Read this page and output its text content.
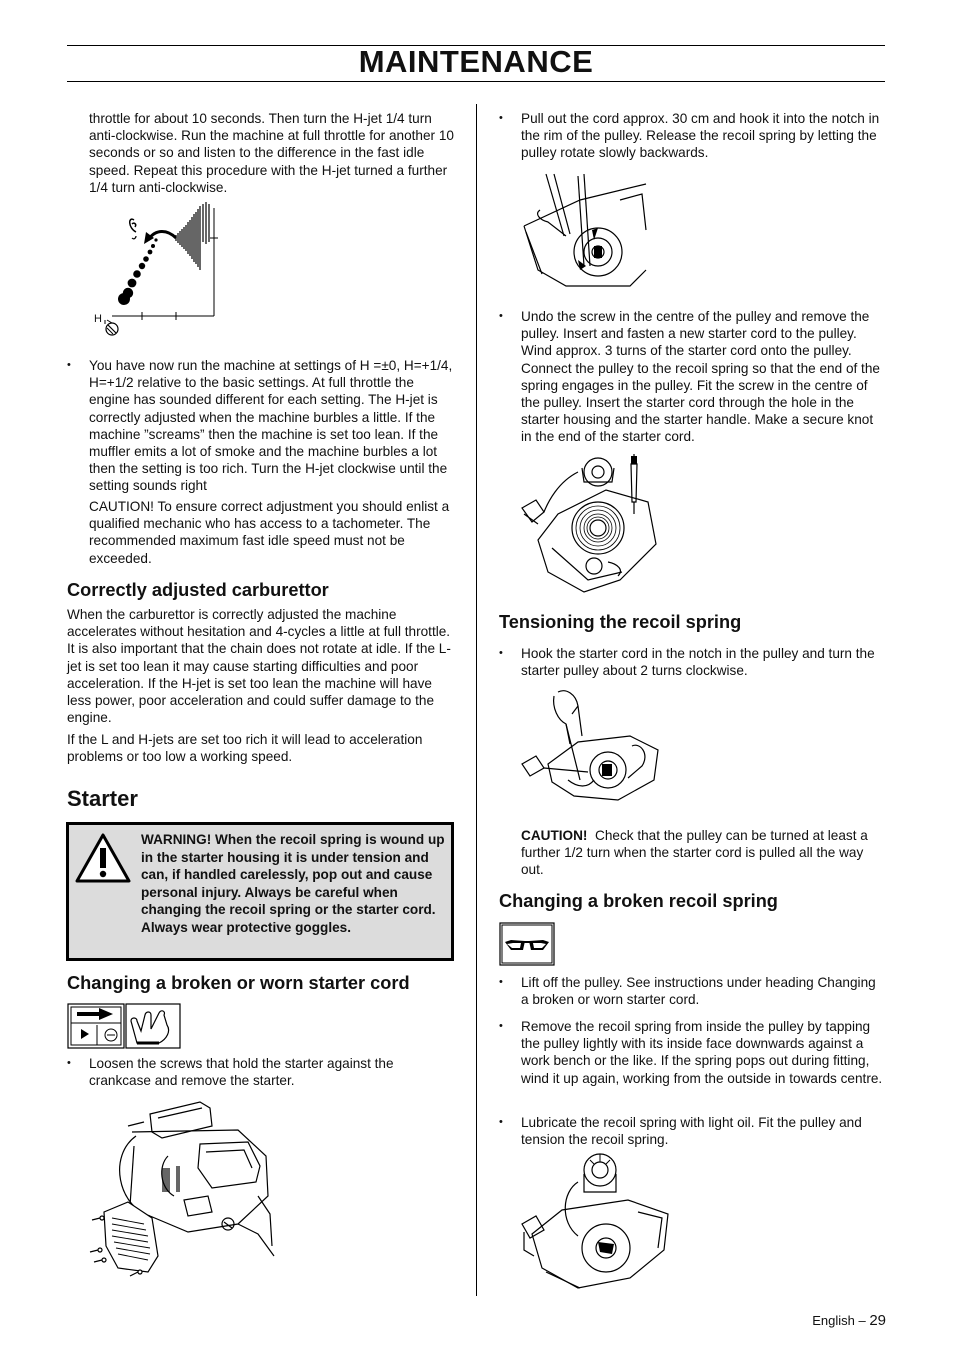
MAINTENANCE

throttle for about 10 seconds. Then turn the H-jet 1/4 turn anti-clockwise. Run the machine at full throttle for another 10 seconds or so and listen to the difference in the fast idle speed. Repeat this procedure with the H-jet turned a further 1/4 turn anti-clockwise.

H
• You have now run the machine at settings of H =±0, H=+1/4, H=+1/2 relative to the basic settings. At full throttle the engine has sounded different for each setting. The H-jet is correctly adjusted when the machine burbles a little. If the machine ”screams” then the machine is set too lean. If the muffler emits a lot of smoke and the machine burbles a lot then the setting is too rich. Turn the H-jet clockwise until the setting sounds right

CAUTION! To ensure correct adjustment you should enlist a qualified mechanic who has access to a tachometer. The recommended maximum fast idle speed must not be exceeded.

Correctly adjusted carburettor

When the carburettor is correctly adjusted the machine accelerates without hesitation and 4-cycles a little at full throttle. It is also important that the chain does not rotate at idle. If the L-jet is set too lean it may cause starting difficulties and poor acceleration. If the H-jet is set too lean the machine will have less power, poor acceleration and could suffer damage to the engine.

If the L and H-jets are set too rich it will lead to acceleration problems or too low a working speed.

Starter
WARNING! When the recoil spring is wound up in the starter housing it is under tension and can, if handled carelessly, pop out and cause personal injury. Always be careful when changing the recoil spring or the starter cord. Always wear protective goggles.
Changing a broken or worn starter cord
• Loosen the screws that hold the starter against the crankcase and remove the starter.

• Pull out the cord approx. 30 cm and hook it into the notch in the rim of the pulley. Release the recoil spring by letting the pulley rotate slowly backwards.

• Undo the screw in the centre of the pulley and remove the pulley. Insert and fasten a new starter cord to the pulley. Wind approx. 3 turns of the starter cord onto the pulley. Connect the pulley to the recoil spring so that the end of the spring engages in the pulley. Fit the screw in the centre of the pulley. Insert the starter cord through the hole in the starter housing and the starter handle. Make a secure knot in the end of the starter cord.

Tensioning the recoil spring
• Hook the starter cord in the notch in the pulley and turn the starter pulley about 2 turns clockwise.

CAUTION! Check that the pulley can be turned at least a further 1/2 turn when the starter cord is pulled all the way out.

Changing a broken recoil spring
• Lift off the pulley. See instructions under heading Changing a broken or worn starter cord.

• Remove the recoil spring from inside the pulley by tapping the pulley lightly with its inside face downwards against a work bench or the like. If the spring pops out during fitting, wind it up again, working from the outside in towards centre.

• Lubricate the recoil spring with light oil. Fit the pulley and tension the recoil spring.

English – 29
